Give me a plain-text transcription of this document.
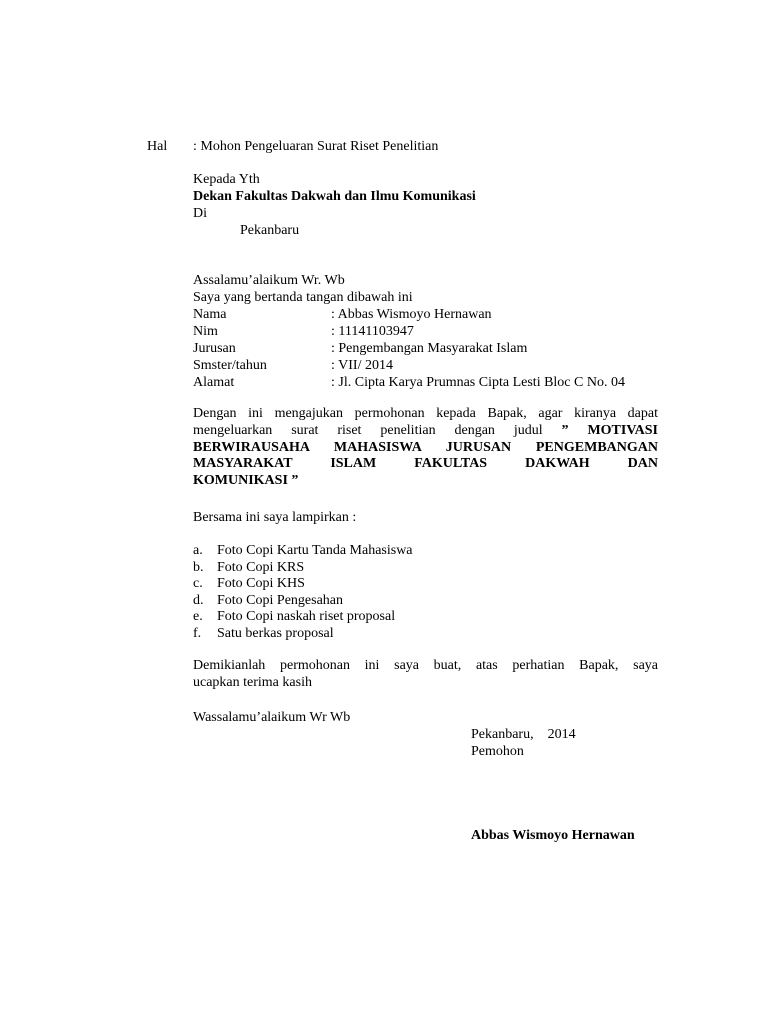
Hal : Mohon Pengeluaran Surat Riset Penelitian
Kepada Yth
Dekan Fakultas Dakwah dan Ilmu Komunikasi
Di
Pekanbaru
Assalamu’alaikum Wr. Wb
Saya yang bertanda tangan dibawah ini
Nama	: Abbas Wismoyo Hernawan
Nim	: 11141103947
Jurusan	: Pengembangan Masyarakat Islam
Smster/tahun	: VII/ 2014
Alamat	: Jl. Cipta Karya Prumnas Cipta Lesti Bloc C No. 04
Dengan ini mengajukan permohonan kepada Bapak, agar kiranya dapat
mengeluarkan surat riset penelitian dengan judul ” MOTIVASI
BERWIRAUSAHA MAHASISWA JURUSAN PENGEMBANGAN
MASYARAKAT ISLAM FAKULTAS DAKWAH DAN
KOMUNIKASI ”
Bersama ini saya lampirkan :
a. Foto Copi Kartu Tanda Mahasiswa
b. Foto Copi KRS
c. Foto Copi KHS
d. Foto Copi Pengesahan
e. Foto Copi naskah riset proposal
f. Satu berkas proposal
Demikianlah permohonan ini saya buat, atas perhatian Bapak, saya
ucapkan terima kasih
Wassalamu’alaikum Wr Wb
Pekanbaru,    2014
Pemohon
Abbas Wismoyo Hernawan
